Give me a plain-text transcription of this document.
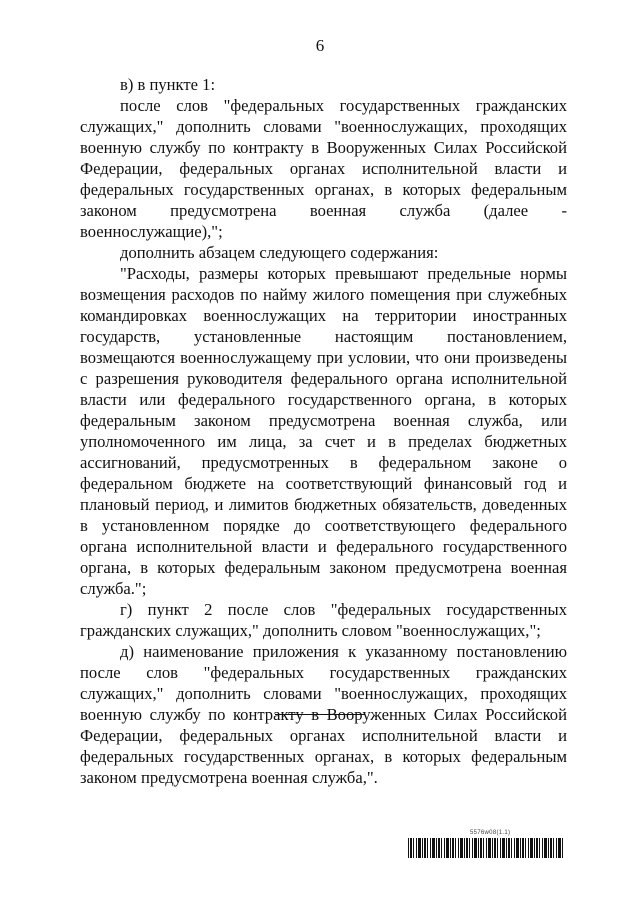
6

в) в пункте 1:

после слов "федеральных государственных гражданских служащих," дополнить словами "военнослужащих, проходящих военную службу по контракту в Вооруженных Силах Российской Федерации, федеральных органах исполнительной власти и федеральных государственных органах, в которых федеральным законом предусмотрена военная служба (далее - военнослужащие),";

дополнить абзацем следующего содержания:

"Расходы, размеры которых превышают предельные нормы возмещения расходов по найму жилого помещения при служебных командировках военнослужащих на территории иностранных государств, установленные настоящим постановлением, возмещаются военнослужащему при условии, что они произведены с разрешения руководителя федерального органа исполнительной власти или федерального государственного органа, в которых федеральным законом предусмотрена военная служба, или уполномоченного им лица, за счет и в пределах бюджетных ассигнований, предусмотренных в федеральном законе о федеральном бюджете на соответствующий финансовый год и плановый период, и лимитов бюджетных обязательств, доведенных в установленном порядке до соответствующего федерального органа исполнительной власти и федерального государственного органа, в которых федеральным законом предусмотрена военная служба.";

г) пункт 2 после слов "федеральных государственных гражданских служащих," дополнить словом "военнослужащих,";

д) наименование приложения к указанному постановлению после слов "федеральных государственных гражданских служащих," дополнить словами "военнослужащих, проходящих военную службу по контракту в Вооруженных Силах Российской Федерации, федеральных органах исполнительной власти и федеральных государственных органах, в которых федеральным законом предусмотрена военная служба,".

5576w08(1.1)
